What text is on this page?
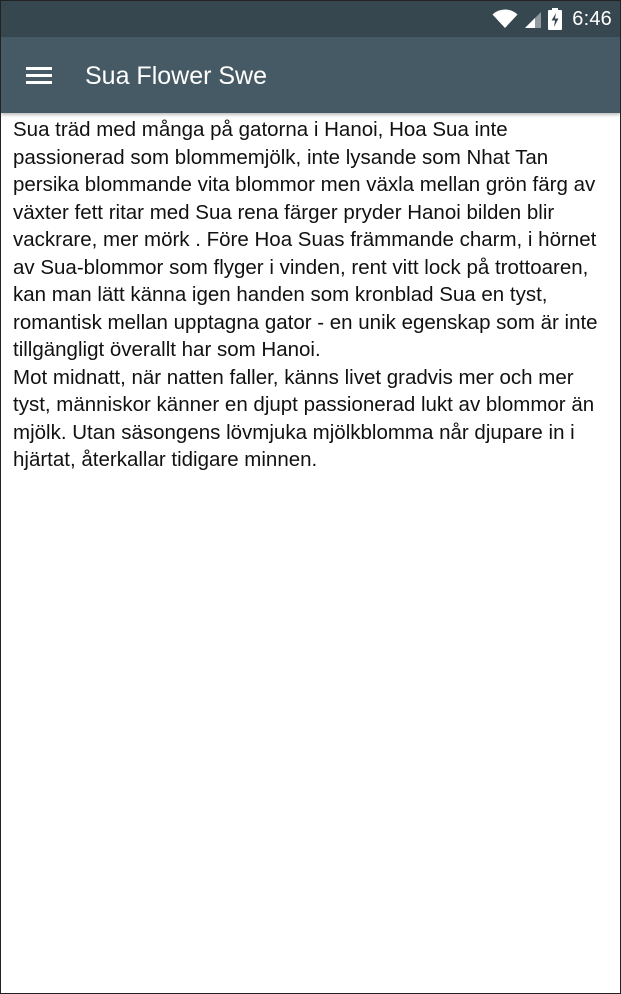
6:46
Sua Flower Swe

Sua träd med många på gatorna i Hanoi, Hoa Sua inte passionerad som blommemjölk, inte lysande som Nhat Tan persika blommande vita blommor men växla mellan grön färg av växter fett ritar med Sua rena färger pryder Hanoi bilden blir vackrare, mer mörk . Före Hoa Suas främmande charm, i hörnet av Sua-blommor som flyger i vinden, rent vitt lock på trottoaren, kan man lätt känna igen handen som kronblad Sua en tyst, romantisk mellan upptagna gator - en unik egenskap som är inte tillgängligt överallt har som Hanoi.

Mot midnatt, när natten faller, känns livet gradvis mer och mer tyst, människor känner en djupt passionerad lukt av blommor än mjölk. Utan säsongens lövmjuka mjölkblomma når djupare in i hjärtat, återkallar tidigare minnen.
